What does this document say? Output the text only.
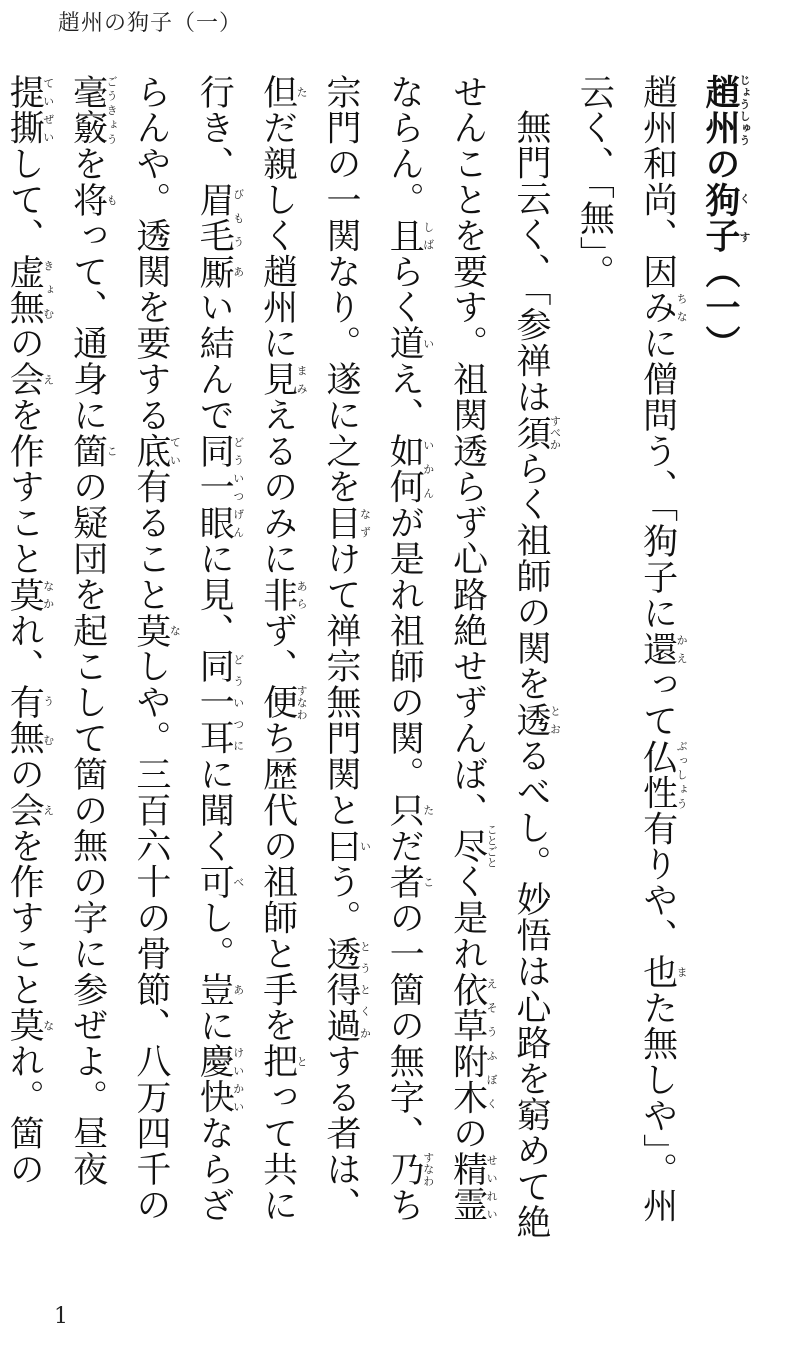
趙州の狗子（一）

趙州じょうしゅうの狗子くす（一）

趙州和尚、因みちなに僧問う、「狗子に還かえって仏性ぶっしょう有りや、也また無しや」。州云く、「無」。

無門云く、「参禅は須すべからく祖師の関を透とおるべし。妙悟は心路を窮めて絶せんことを要す。祖関透らず心路絶せずんば、尽ことごとく是れ依草附木えそうふぼくの精霊せいれいならん。且しばらく道いえ、如何いかんが是れ祖師の関。只ただ者この一箇の無字、乃すなわち宗門の一関なり。遂に之を目なずけて禅宗無門関と曰いう。透得過とうとくかする者は、但ただ親しく趙州に見まみえるのみに非あらず、便すなわち歴代の祖師と手を把とって共に行き、眉毛びもう厮あい結んで同一どういつ眼げんに見、同一耳どういつにに聞く可べし。豈あに慶快けいかいならざらんや。透関を要する底てい有ること莫なしや。三百六十の骨節、八万四千の毫竅ごうきょうを将もって、通身に箇この疑団を起こして箇の無の字に参ぜよ。昼夜提撕ていぜいして、虚無きょむの会えを作すこと莫なかれ、有無うむの会えを作すこと莫なれ。箇の

1
